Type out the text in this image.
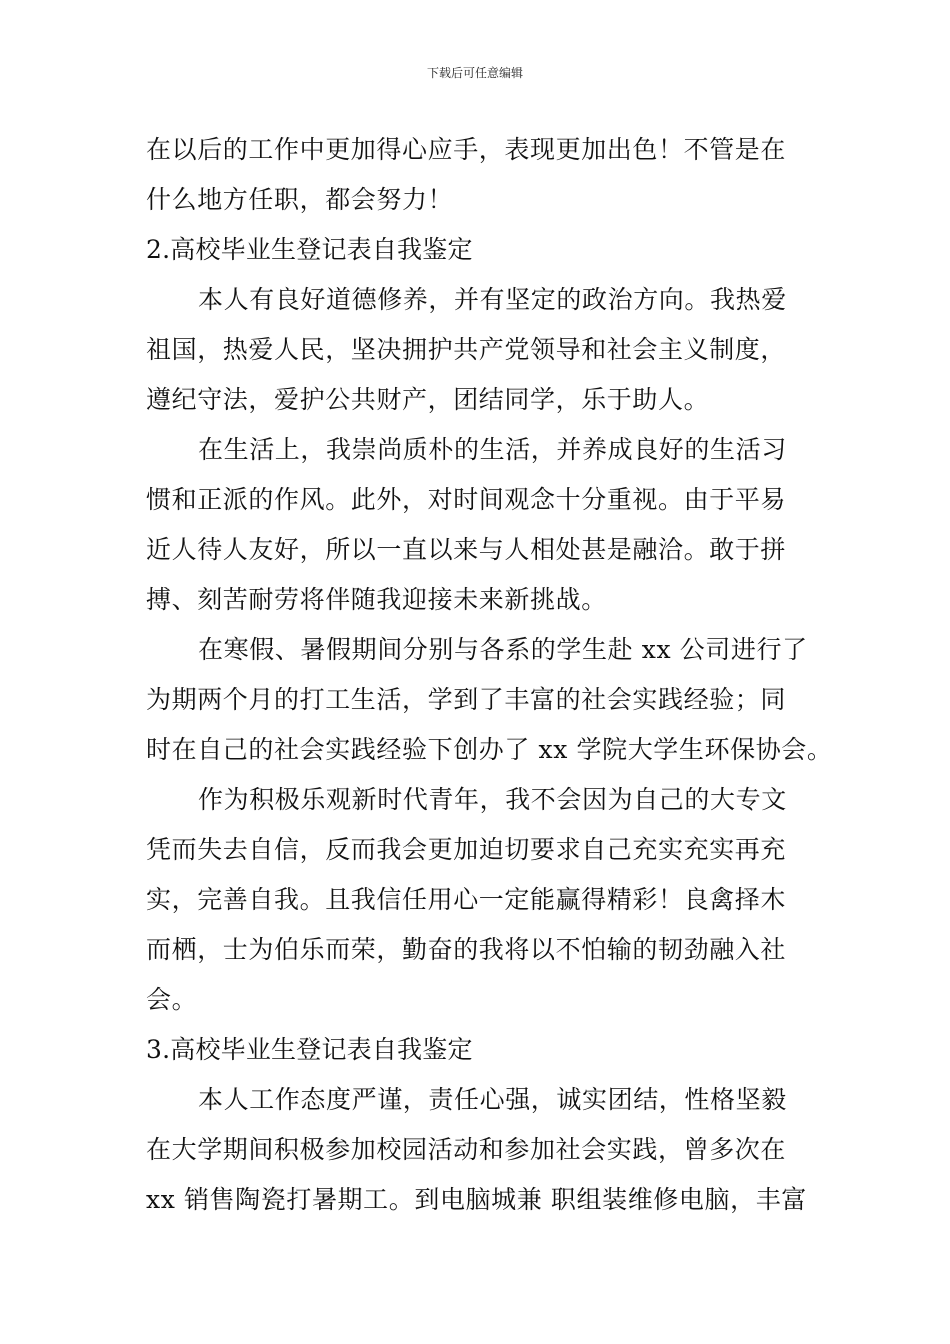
下载后可任意编辑
在以后的工作中更加得心应手，表现更加出色！不管是在
什么地方任职，都会努力！
2.高校毕业生登记表自我鉴定
本人有良好道德修养，并有坚定的政治方向。我热爱
祖国，热爱人民，坚决拥护共产党领导和社会主义制度，
遵纪守法，爱护公共财产，团结同学，乐于助人。
在生活上，我崇尚质朴的生活，并养成良好的生活习
惯和正派的作风。此外，对时间观念十分重视。由于平易
近人待人友好，所以一直以来与人相处甚是融洽。敢于拼
搏、刻苦耐劳将伴随我迎接未来新挑战。
在寒假、暑假期间分别与各系的学生赴 xx 公司进行了
为期两个月的打工生活，学到了丰富的社会实践经验；同
时在自己的社会实践经验下创办了 xx 学院大学生环保协会。
作为积极乐观新时代青年，我不会因为自己的大专文
凭而失去自信，反而我会更加迫切要求自己充实充实再充
实，完善自我。且我信任用心一定能赢得精彩！良禽择木
而栖，士为伯乐而荣，勤奋的我将以不怕输的韧劲融入社
会。
3.高校毕业生登记表自我鉴定
本人工作态度严谨，责任心强，诚实团结，性格坚毅
在大学期间积极参加校园活动和参加社会实践，曾多次在
xx 销售陶瓷打暑期工。到电脑城兼 职组装维修电脑，丰富
